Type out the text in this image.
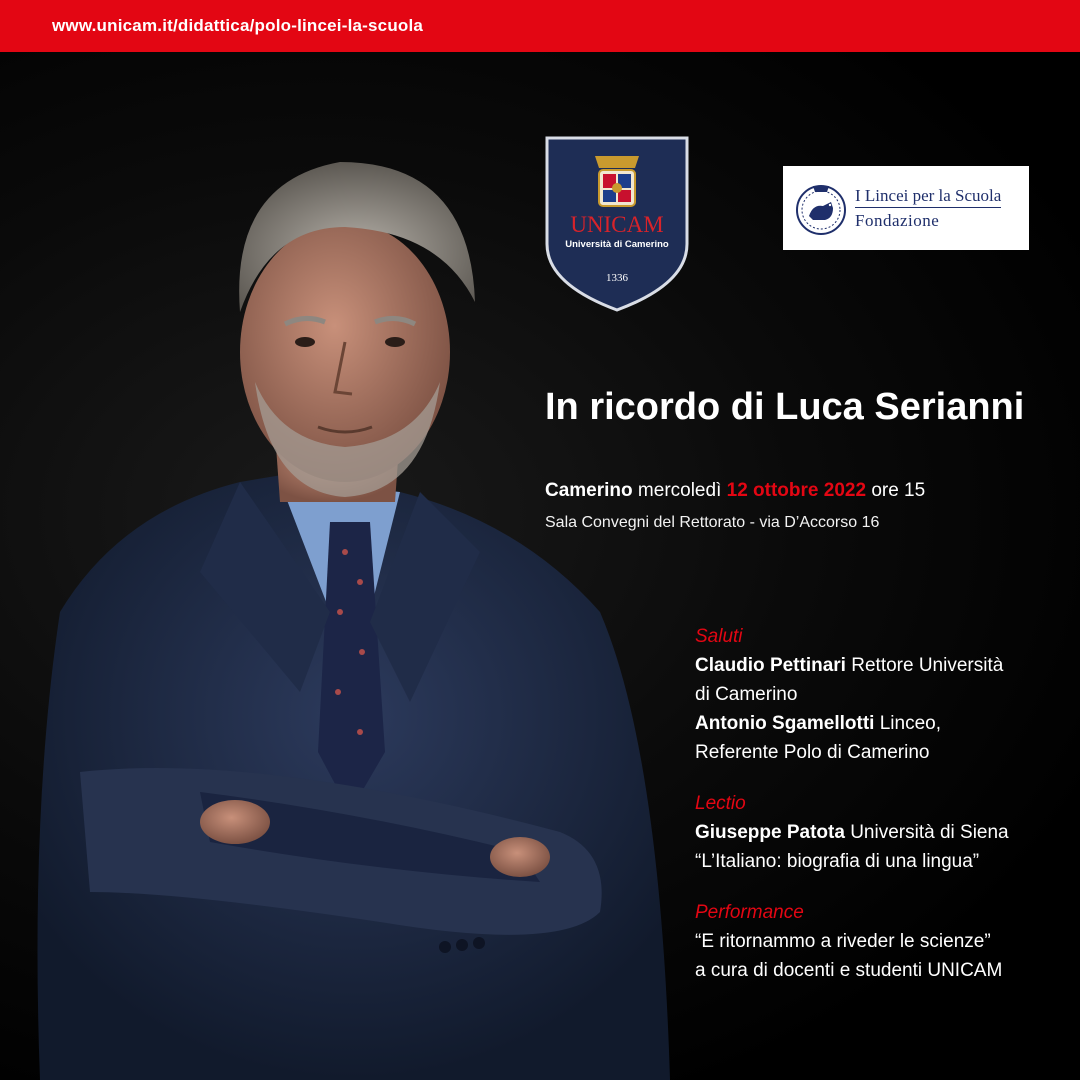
www.unicam.it/didattica/polo-lincei-la-scuola
UNICAM
Università di Camerino
1336
I Lincei per la Scuola
Fondazione
In ricordo di Luca Serianni
Camerino mercoledì 12 ottobre 2022 ore 15
Sala Convegni del Rettorato - via D’Accorso 16
Saluti
Claudio Pettinari Rettore Università
di Camerino
Antonio Sgamellotti Linceo,
Referente Polo di Camerino
Lectio
Giuseppe Patota Università di Siena
“L’Italiano: biografia di una lingua”
Performance
“E ritornammo a riveder le scienze”
a cura di docenti e studenti UNICAM
